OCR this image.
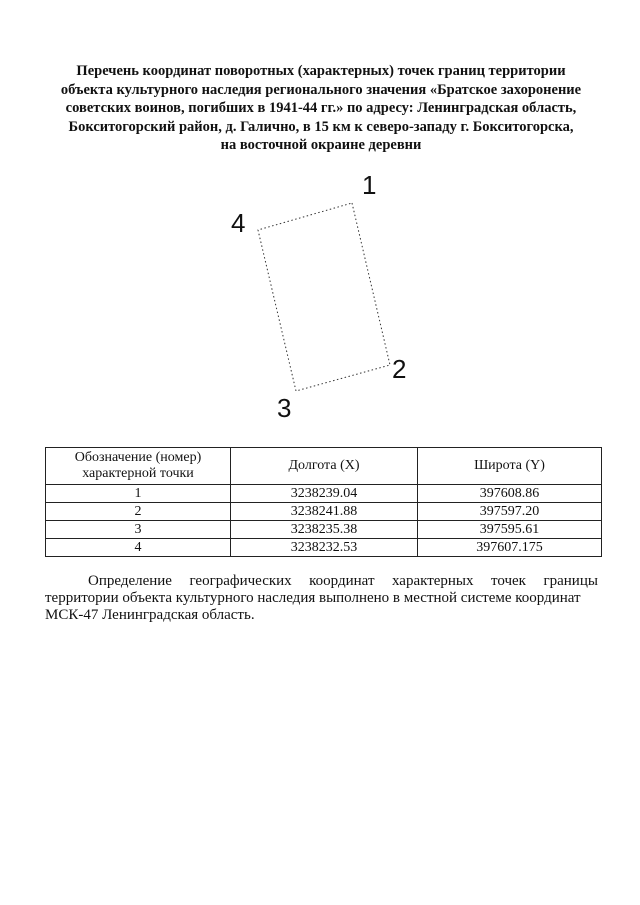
Перечень координат поворотных (характерных) точек границ территории
объекта культурного наследия регионального значения «Братское захоронение
советских воинов, погибших в 1941-44 гг.» по адресу: Ленинградская область,
Бокситогорский район, д. Галично, в 15 км к северо-западу г. Бокситогорска,
на восточной окраине деревни
1
2
3
4
Обозначение (номер)
характерной точки	Долгота (X)	Широта (Y)
1	3238239.04	397608.86
2	3238241.88	397597.20
3	3238235.38	397595.61
4	3238232.53	397607.175

Определение географических координат характерных точек границы
территории объекта культурного наследия выполнено в местной системе координат
МСК-47 Ленинградская область.
